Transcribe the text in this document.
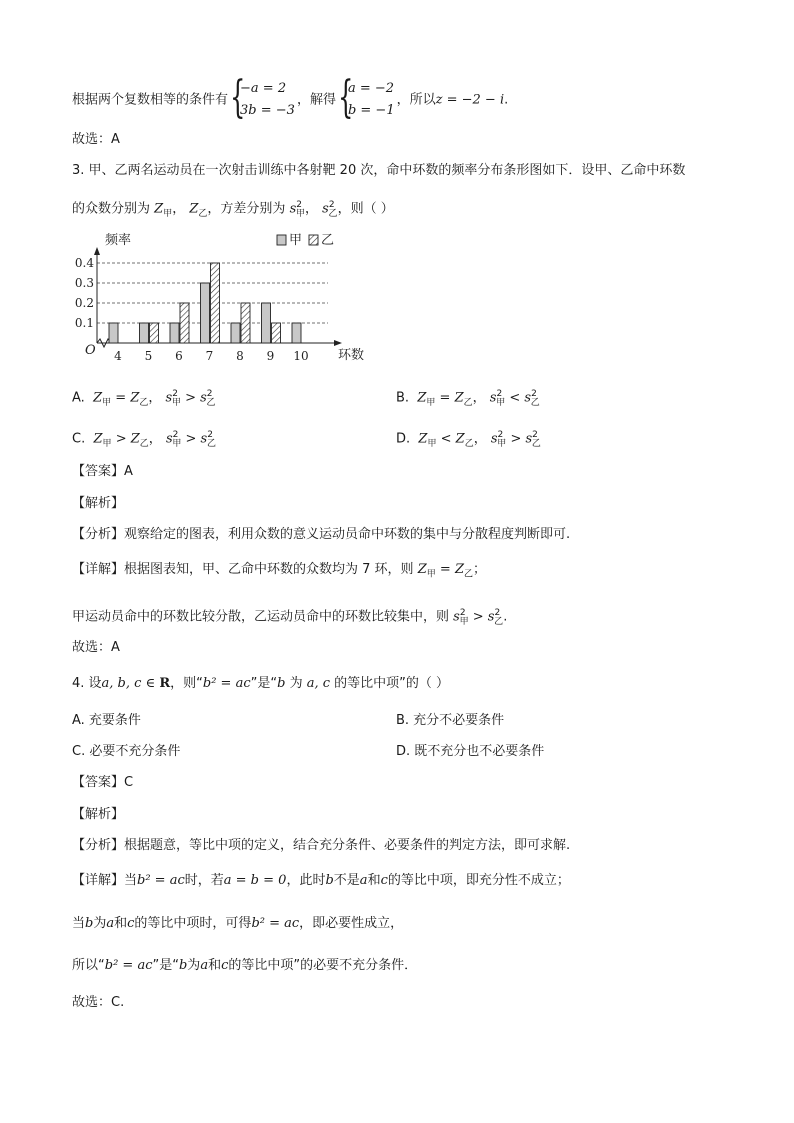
根据两个复数相等的条件有 {
−a = 2
3b = −3
，解得 {
a = −2
b = −1
，所以z = −2 − i.
故选：A
3. 甲、乙两名运动员在一次射击训练中各射靶 20 次，命中环数的频率分布条形图如下．设甲、乙命中环数
的众数分别为 $Z_甲$， $Z_乙$，方差分别为 $s^2_甲$， $s^2_乙$，则（ ）
0.1
0.2
0.3
0.4
频率
环数
O 4 5 6 7 8 9 10
甲 乙
A. $Z_甲 = Z_乙$， $s^2_甲 > s^2_乙$	B. $Z_甲 = Z_乙$， $s^2_甲 < s^2_乙$
C. $Z_甲 > Z_乙$， $s^2_甲 > s^2_乙$	D. $Z_甲 < Z_乙$， $s^2_甲 > s^2_乙$
【答案】A
【解析】
【分析】观察给定的图表，利用众数的意义运动员命中环数的集中与分散程度判断即可.
【详解】根据图表知，甲、乙命中环数的众数均为 7 环，则 $Z_甲 = Z_乙$；
甲运动员命中的环数比较分散，乙运动员命中的环数比较集中，则 $s^2_甲 > s^2_乙$.
故选：A
4. 设a, b, c ∈ R，则“b² = ac”是“b 为 a, c 的等比中项”的（ ）
A. 充要条件	B. 充分不必要条件
C. 必要不充分条件	D. 既不充分也不必要条件
【答案】C
【解析】
【分析】根据题意，等比中项的定义，结合充分条件、必要条件的判定方法，即可求解.
【详解】当b² = ac时，若a = b = 0，此时b不是a和c的等比中项，即充分性不成立；
当b为a和c的等比中项时，可得b² = ac，即必要性成立，
所以“b² = ac”是“b为a和c的等比中项”的必要不充分条件．
故选：C.
